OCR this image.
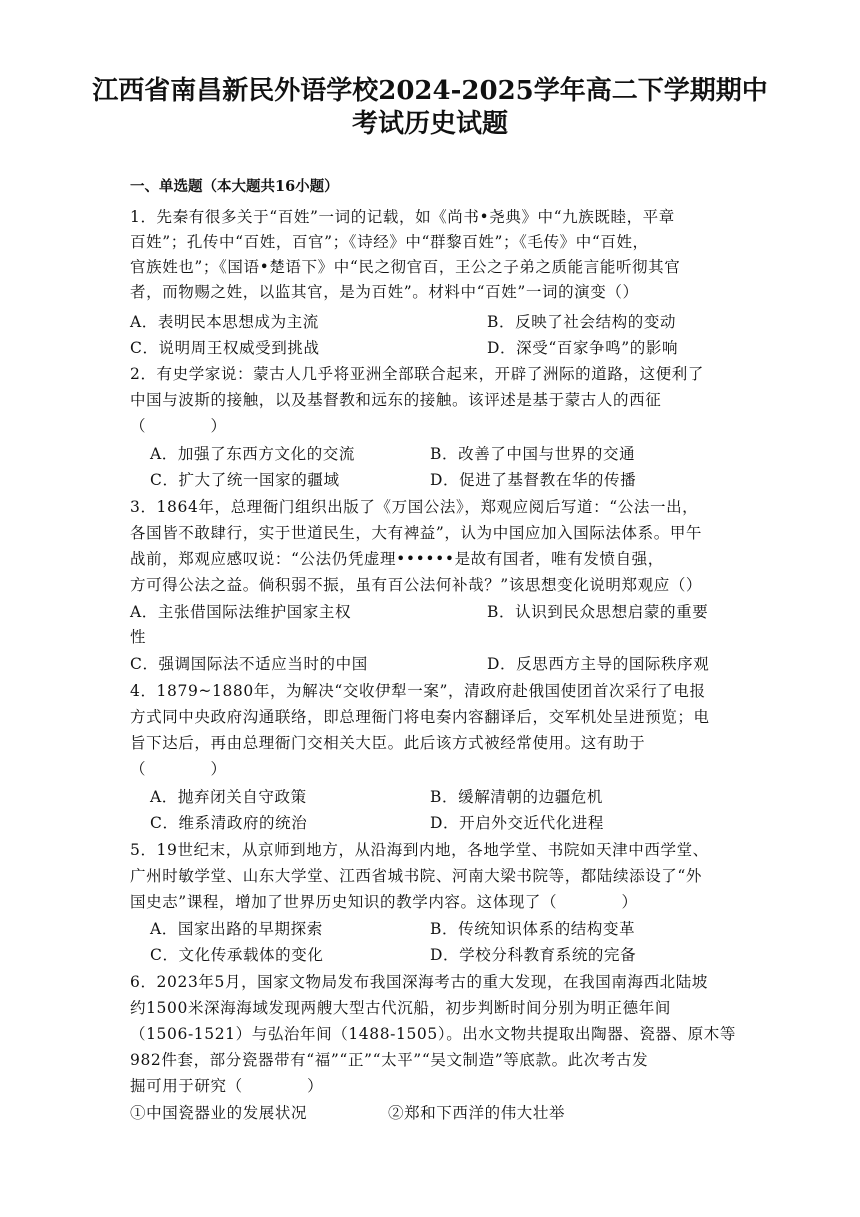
江西省南昌新民外语学校2024-2025学年高二下学期期中
考试历史试题
一、单选题（本大题共16小题）
1．先秦有很多关于“百姓”一词的记载，如《尚书•尧典》中“九族既睦，平章
百姓”；孔传中“百姓，百官”；《诗经》中“群黎百姓”；《毛传》中“百姓，
官族姓也”；《国语•楚语下》中“民之彻官百，王公之子弟之质能言能听彻其官
者，而物赐之姓，以监其官，是为百姓”。材料中“百姓”一词的演变（）
A．表明民本思想成为主流	B．反映了社会结构的变动
C．说明周王权威受到挑战	D．深受“百家争鸣”的影响
2．有史学家说：蒙古人几乎将亚洲全部联合起来，开辟了洲际的道路，这便利了
中国与波斯的接触，以及基督教和远东的接触。该评述是基于蒙古人的西征
（　　　　）
A．加强了东西方文化的交流	B．改善了中国与世界的交通
C．扩大了统一国家的疆域	D．促进了基督教在华的传播
3．1864年，总理衙门组织出版了《万国公法》，郑观应阅后写道：“公法一出，
各国皆不敢肆行，实于世道民生，大有裨益”，认为中国应加入国际法体系。甲午
战前，郑观应感叹说：“公法仍凭虚理••••••是故有国者，唯有发愤自强，
方可得公法之益。倘积弱不振，虽有百公法何补哉？”该思想变化说明郑观应（）
A．主张借国际法维护国家主权	B．认识到民众思想启蒙的重要
性
C．强调国际法不适应当时的中国	D．反思西方主导的国际秩序观
4．1879~1880年，为解决“交收伊犁一案”，清政府赴俄国使团首次采行了电报
方式同中央政府沟通联络，即总理衙门将电奏内容翻译后，交军机处呈进预览；电
旨下达后，再由总理衙门交相关大臣。此后该方式被经常使用。这有助于
（　　　　）
A．抛弃闭关自守政策	B．缓解清朝的边疆危机
C．维系清政府的统治	D．开启外交近代化进程
5．19世纪末，从京师到地方，从沿海到内地，各地学堂、书院如天津中西学堂、
广州时敏学堂、山东大学堂、江西省城书院、河南大梁书院等，都陆续添设了“外
国史志”课程，增加了世界历史知识的教学内容。这体现了（　　　　）
A．国家出路的早期探索	B．传统知识体系的结构变革
C．文化传承载体的变化	D．学校分科教育系统的完备
6．2023年5月，国家文物局发布我国深海考古的重大发现，在我国南海西北陆坡
约1500米深海海域发现两艘大型古代沉船，初步判断时间分别为明正德年间
（1506-1521）与弘治年间（1488-1505）。出水文物共提取出陶器、瓷器、原木等
982件套，部分瓷器带有“福”“正”“太平”“吴文制造”等底款。此次考古发
掘可用于研究（　　　　）
①中国瓷器业的发展状况	②郑和下西洋的伟大壮举
